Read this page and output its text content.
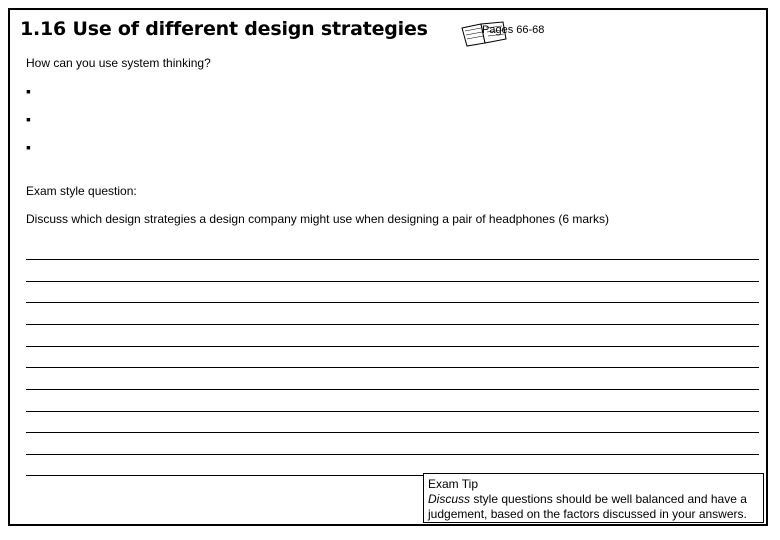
1.16 Use of different design strategies	Pages 66-68
How can you use system thinking?
▪
▪
▪
Exam style question:
Discuss which design strategies a design company might use when designing a pair of headphones (6 marks)
Exam Tip
Discuss style questions should be well balanced and have a judgement, based on the factors discussed in your answers.
